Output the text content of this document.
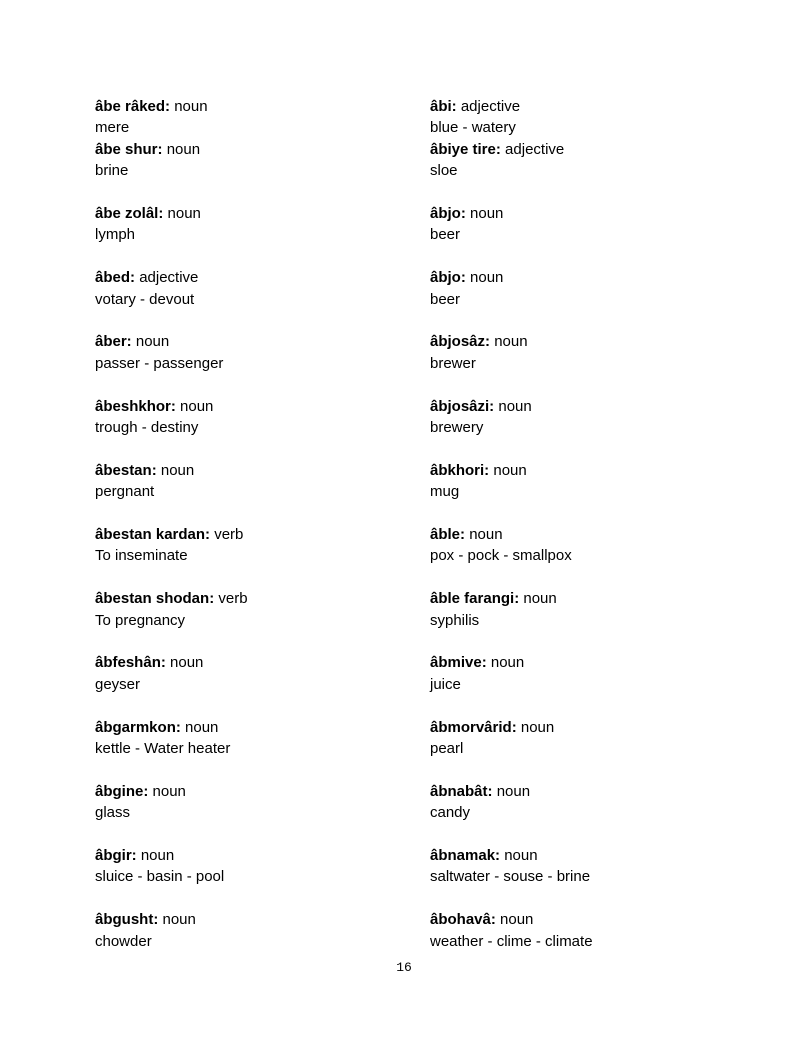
âbe râked: noun
mere
âbe shur: noun
brine
âbe zolâl: noun
lymph
âbed: adjective
votary - devout
âber: noun
passer - passenger
âbeshkhor: noun
trough - destiny
âbestan: noun
pergnant
âbestan kardan: verb
To inseminate
âbestan shodan: verb
To pregnancy
âbfeshân: noun
geyser
âbgarmkon: noun
kettle - Water heater
âbgine: noun
glass
âbgir: noun
sluice - basin - pool
âbgusht: noun
chowder
âbi: adjective
blue - watery
âbiye tire: adjective
sloe
âbjo: noun
beer
âbjo: noun
beer
âbjosâz: noun
brewer
âbjosâzi: noun
brewery
âbkhori: noun
mug
âble: noun
pox - pock - smallpox
âble farangi: noun
syphilis
âbmive: noun
juice
âbmorvârid: noun
pearl
âbnabât: noun
candy
âbnamak: noun
saltwater - souse - brine
âbohavâ: noun
weather - clime - climate
16
